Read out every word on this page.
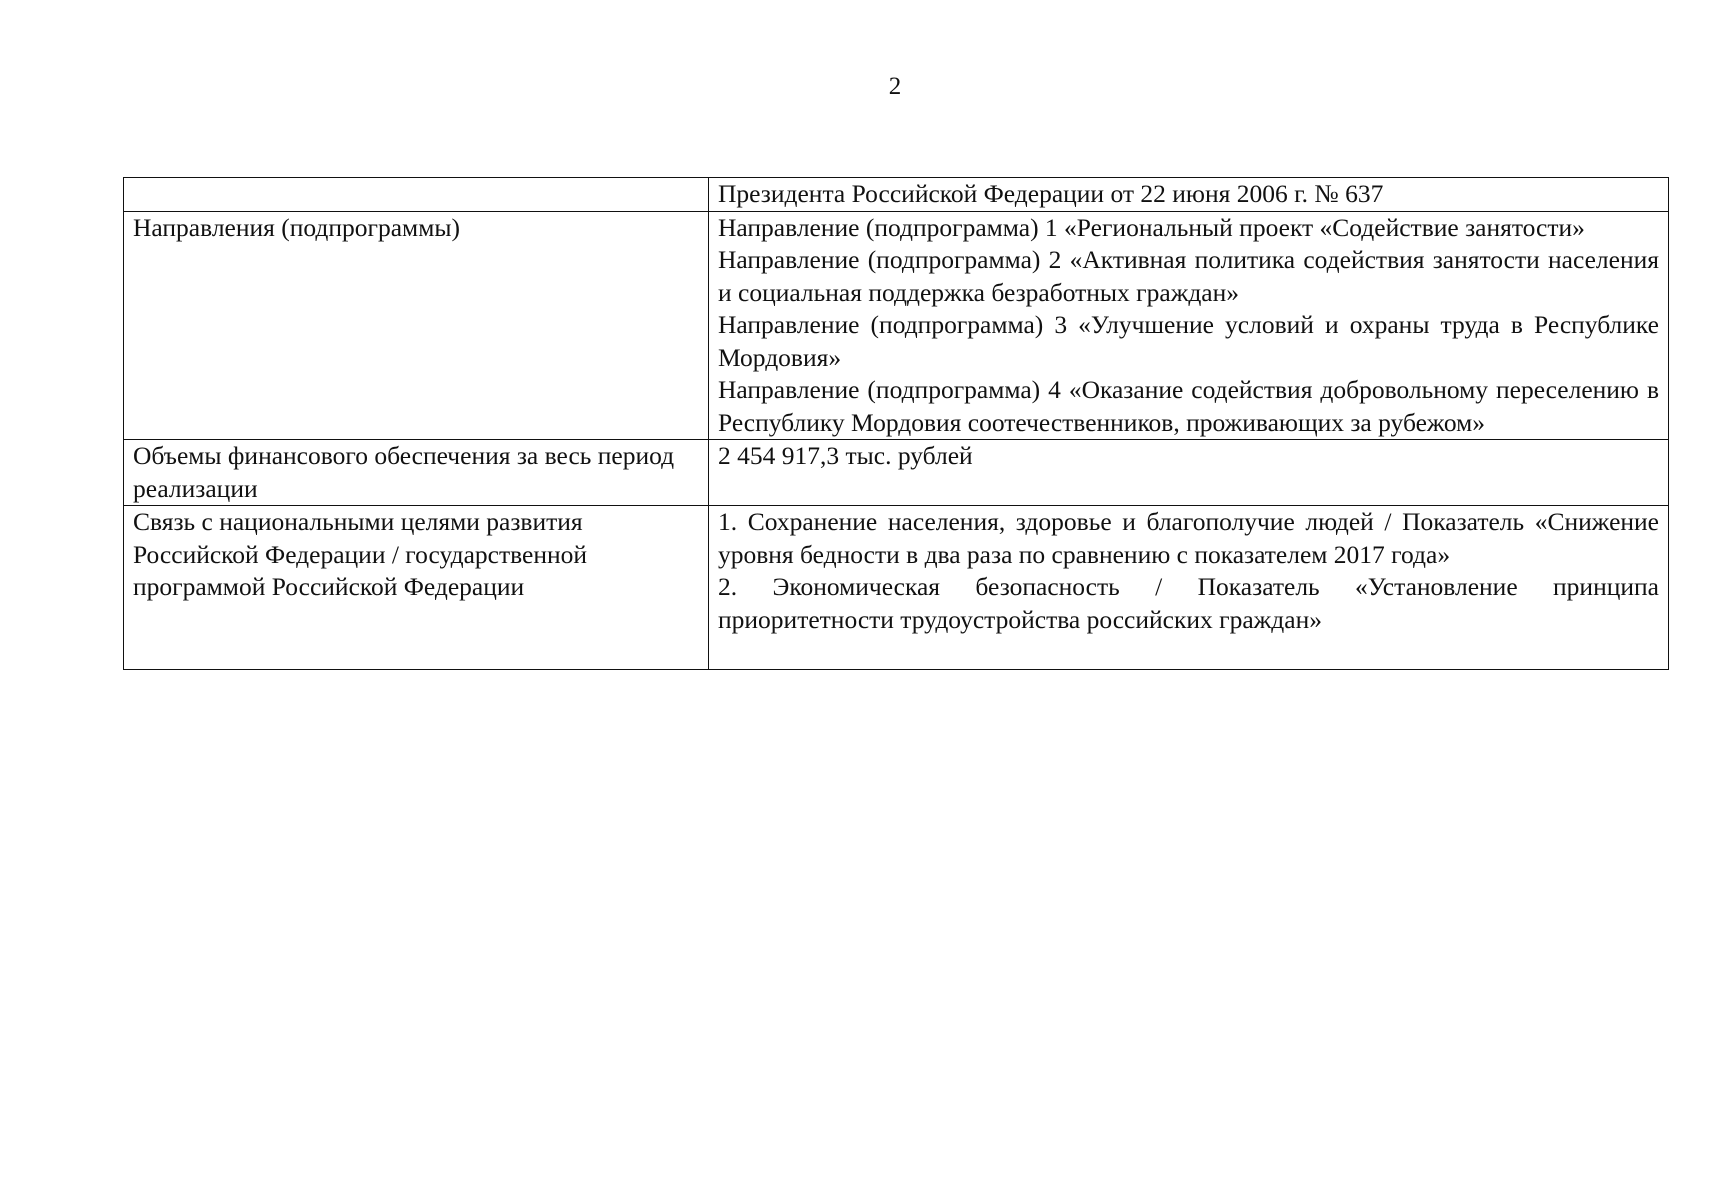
2

	Президента Российской Федерации от 22 июня 2006 г. № 637

Направления (подпрограммы)	Направление (подпрограмма) 1 «Региональный проект «Содействие занятости»

Направление (подпрограмма) 2 «Активная политика содействия занятости населения и социальная поддержка безработных граждан»

Направление (подпрограмма) 3 «Улучшение условий и охраны труда в Республике Мордовия»

Направление (подпрограмма) 4 «Оказание содействия добровольному переселению в Республику Мордовия соотечественников, проживающих за рубежом»

Объемы финансового обеспечения за весь период реализации	2 454 917,3 тыс. рублей

Связь с национальными целями развития Российской Федерации / государственной программой Российской Федерации	1. Сохранение населения, здоровье и благополучие людей / Показатель «Снижение уровня бедности в два раза по сравнению с показателем 2017 года»

2. Экономическая безопасность / Показатель «Установление принципа приоритетности трудоустройства российских граждан»
